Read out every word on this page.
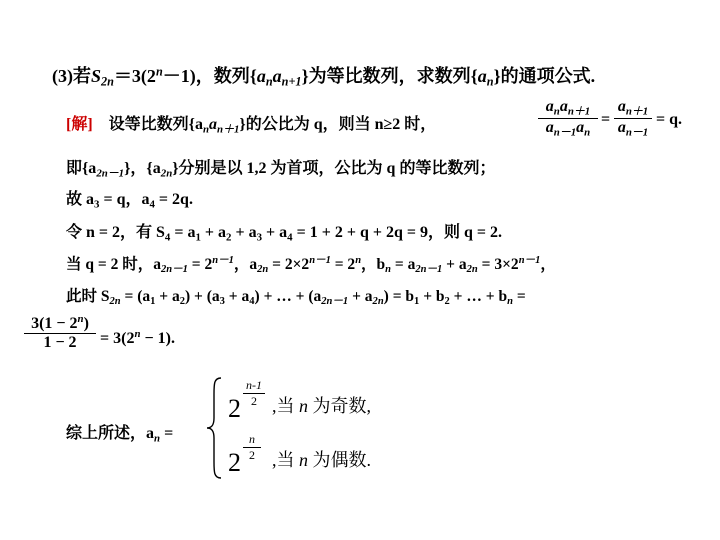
(3)若$S_{2n}=3(2^n-1)$，数列$\{a_na_{n+1}\}$为等比数列，求数列$\{a_n\}$的通项公式.
[解] 设等比数列$\{a_na_{n+1}\}$的公比为 q，则当 n≥2 时，
$a_na_{n+1}$
$a_{n-1}a_n$
=
$a_{n+1}$
$a_{n-1}$
= q.
即$\{a_{2n-1}\}$，$\{a_{2n}\}$分别是以 1,2 为首项，公比为 q 的等比数列；
故 $a_3 = q$，$a_4 = 2q$.
令 n = 2，有 $S_4 = a_1 + a_2 + a_3 + a_4 = 1 + 2 + q + 2q = 9$，则 q = 2.
当 q = 2 时，$a_{2n-1} = 2^{n-1}$，$a_{2n} = 2\times 2^{n-1} = 2^n$，$b_n = a_{2n-1} + a_{2n} = 3\times 2^{n-1}$，
此时 $S_{2n} = (a_1 + a_2) + (a_3 + a_4)$ + … + $(a_{2n-1} + a_{2n}) = b_1 + b_2$ + … + $b_n$ =
$3(1 - 2^n)$
1 − 2	= $3(2^n - 1)$.
综上所述，$a_n$ =
2
n-1
2 ,当 n 为奇数,
2
n
2 ,当 n 为偶数.
